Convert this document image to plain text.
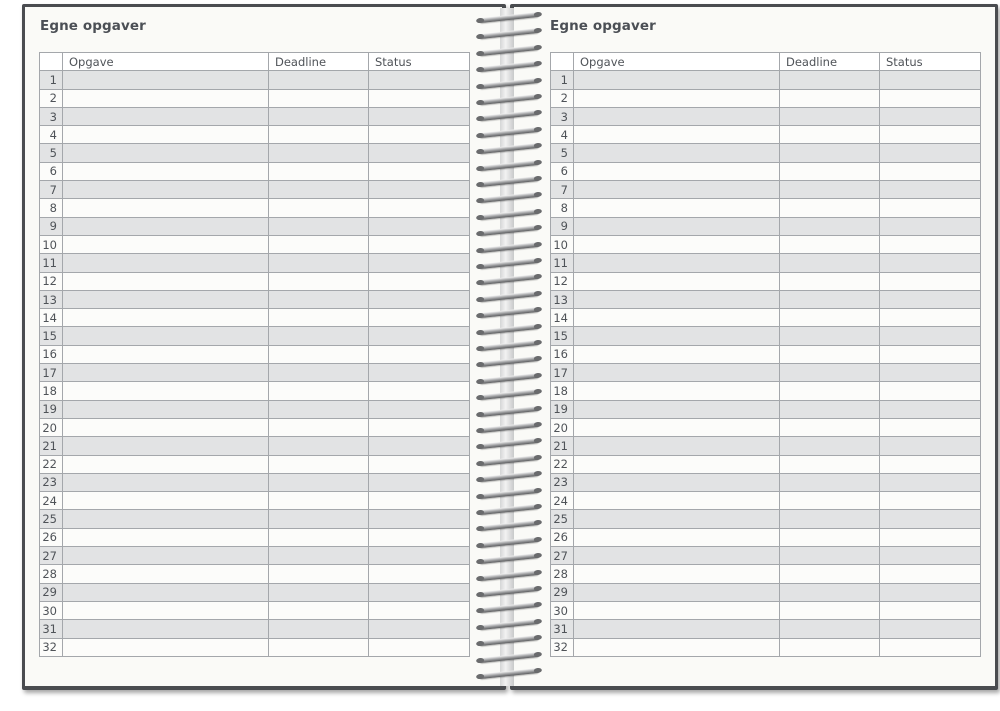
Egne opgaver	Egne opgaver
	Opgave	Deadline	Status
1			
2			
3			
4			
5			
6			
7			
8			
9			
10			
11			
12			
13			
14			
15			
16			
17			
18			
19			
20			
21			
22			
23			
24			
25			
26			
27			
28			
29			
30			
31			
32			
	Opgave	Deadline	Status
1			
2			
3			
4			
5			
6			
7			
8			
9			
10			
11			
12			
13			
14			
15			
16			
17			
18			
19			
20			
21			
22			
23			
24			
25			
26			
27			
28			
29			
30			
31			
32			
